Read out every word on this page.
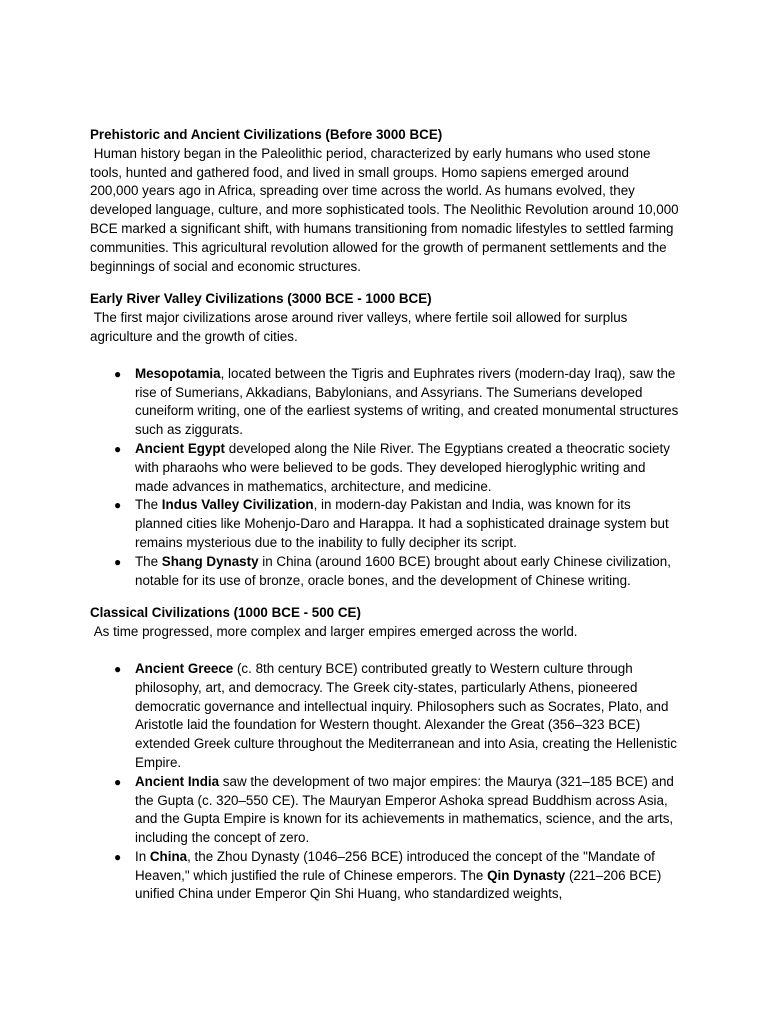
Prehistoric and Ancient Civilizations (Before 3000 BCE)

Human history began in the Paleolithic period, characterized by early humans who used stone tools, hunted and gathered food, and lived in small groups. Homo sapiens emerged around 200,000 years ago in Africa, spreading over time across the world. As humans evolved, they developed language, culture, and more sophisticated tools. The Neolithic Revolution around 10,000 BCE marked a significant shift, with humans transitioning from nomadic lifestyles to settled farming communities. This agricultural revolution allowed for the growth of permanent settlements and the beginnings of social and economic structures.

Early River Valley Civilizations (3000 BCE - 1000 BCE)

The first major civilizations arose around river valleys, where fertile soil allowed for surplus agriculture and the growth of cities.

● Mesopotamia, located between the Tigris and Euphrates rivers (modern-day Iraq), saw the rise of Sumerians, Akkadians, Babylonians, and Assyrians. The Sumerians developed cuneiform writing, one of the earliest systems of writing, and created monumental structures such as ziggurats.
● Ancient Egypt developed along the Nile River. The Egyptians created a theocratic society with pharaohs who were believed to be gods. They developed hieroglyphic writing and made advances in mathematics, architecture, and medicine.
● The Indus Valley Civilization, in modern-day Pakistan and India, was known for its planned cities like Mohenjo-Daro and Harappa. It had a sophisticated drainage system but remains mysterious due to the inability to fully decipher its script.
● The Shang Dynasty in China (around 1600 BCE) brought about early Chinese civilization, notable for its use of bronze, oracle bones, and the development of Chinese writing.

Classical Civilizations (1000 BCE - 500 CE)

As time progressed, more complex and larger empires emerged across the world.

● Ancient Greece (c. 8th century BCE) contributed greatly to Western culture through philosophy, art, and democracy. The Greek city-states, particularly Athens, pioneered democratic governance and intellectual inquiry. Philosophers such as Socrates, Plato, and Aristotle laid the foundation for Western thought. Alexander the Great (356–323 BCE) extended Greek culture throughout the Mediterranean and into Asia, creating the Hellenistic Empire.
● Ancient India saw the development of two major empires: the Maurya (321–185 BCE) and the Gupta (c. 320–550 CE). The Mauryan Emperor Ashoka spread Buddhism across Asia, and the Gupta Empire is known for its achievements in mathematics, science, and the arts, including the concept of zero.
● In China, the Zhou Dynasty (1046–256 BCE) introduced the concept of the "Mandate of Heaven," which justified the rule of Chinese emperors. The Qin Dynasty (221–206 BCE) unified China under Emperor Qin Shi Huang, who standardized weights,
